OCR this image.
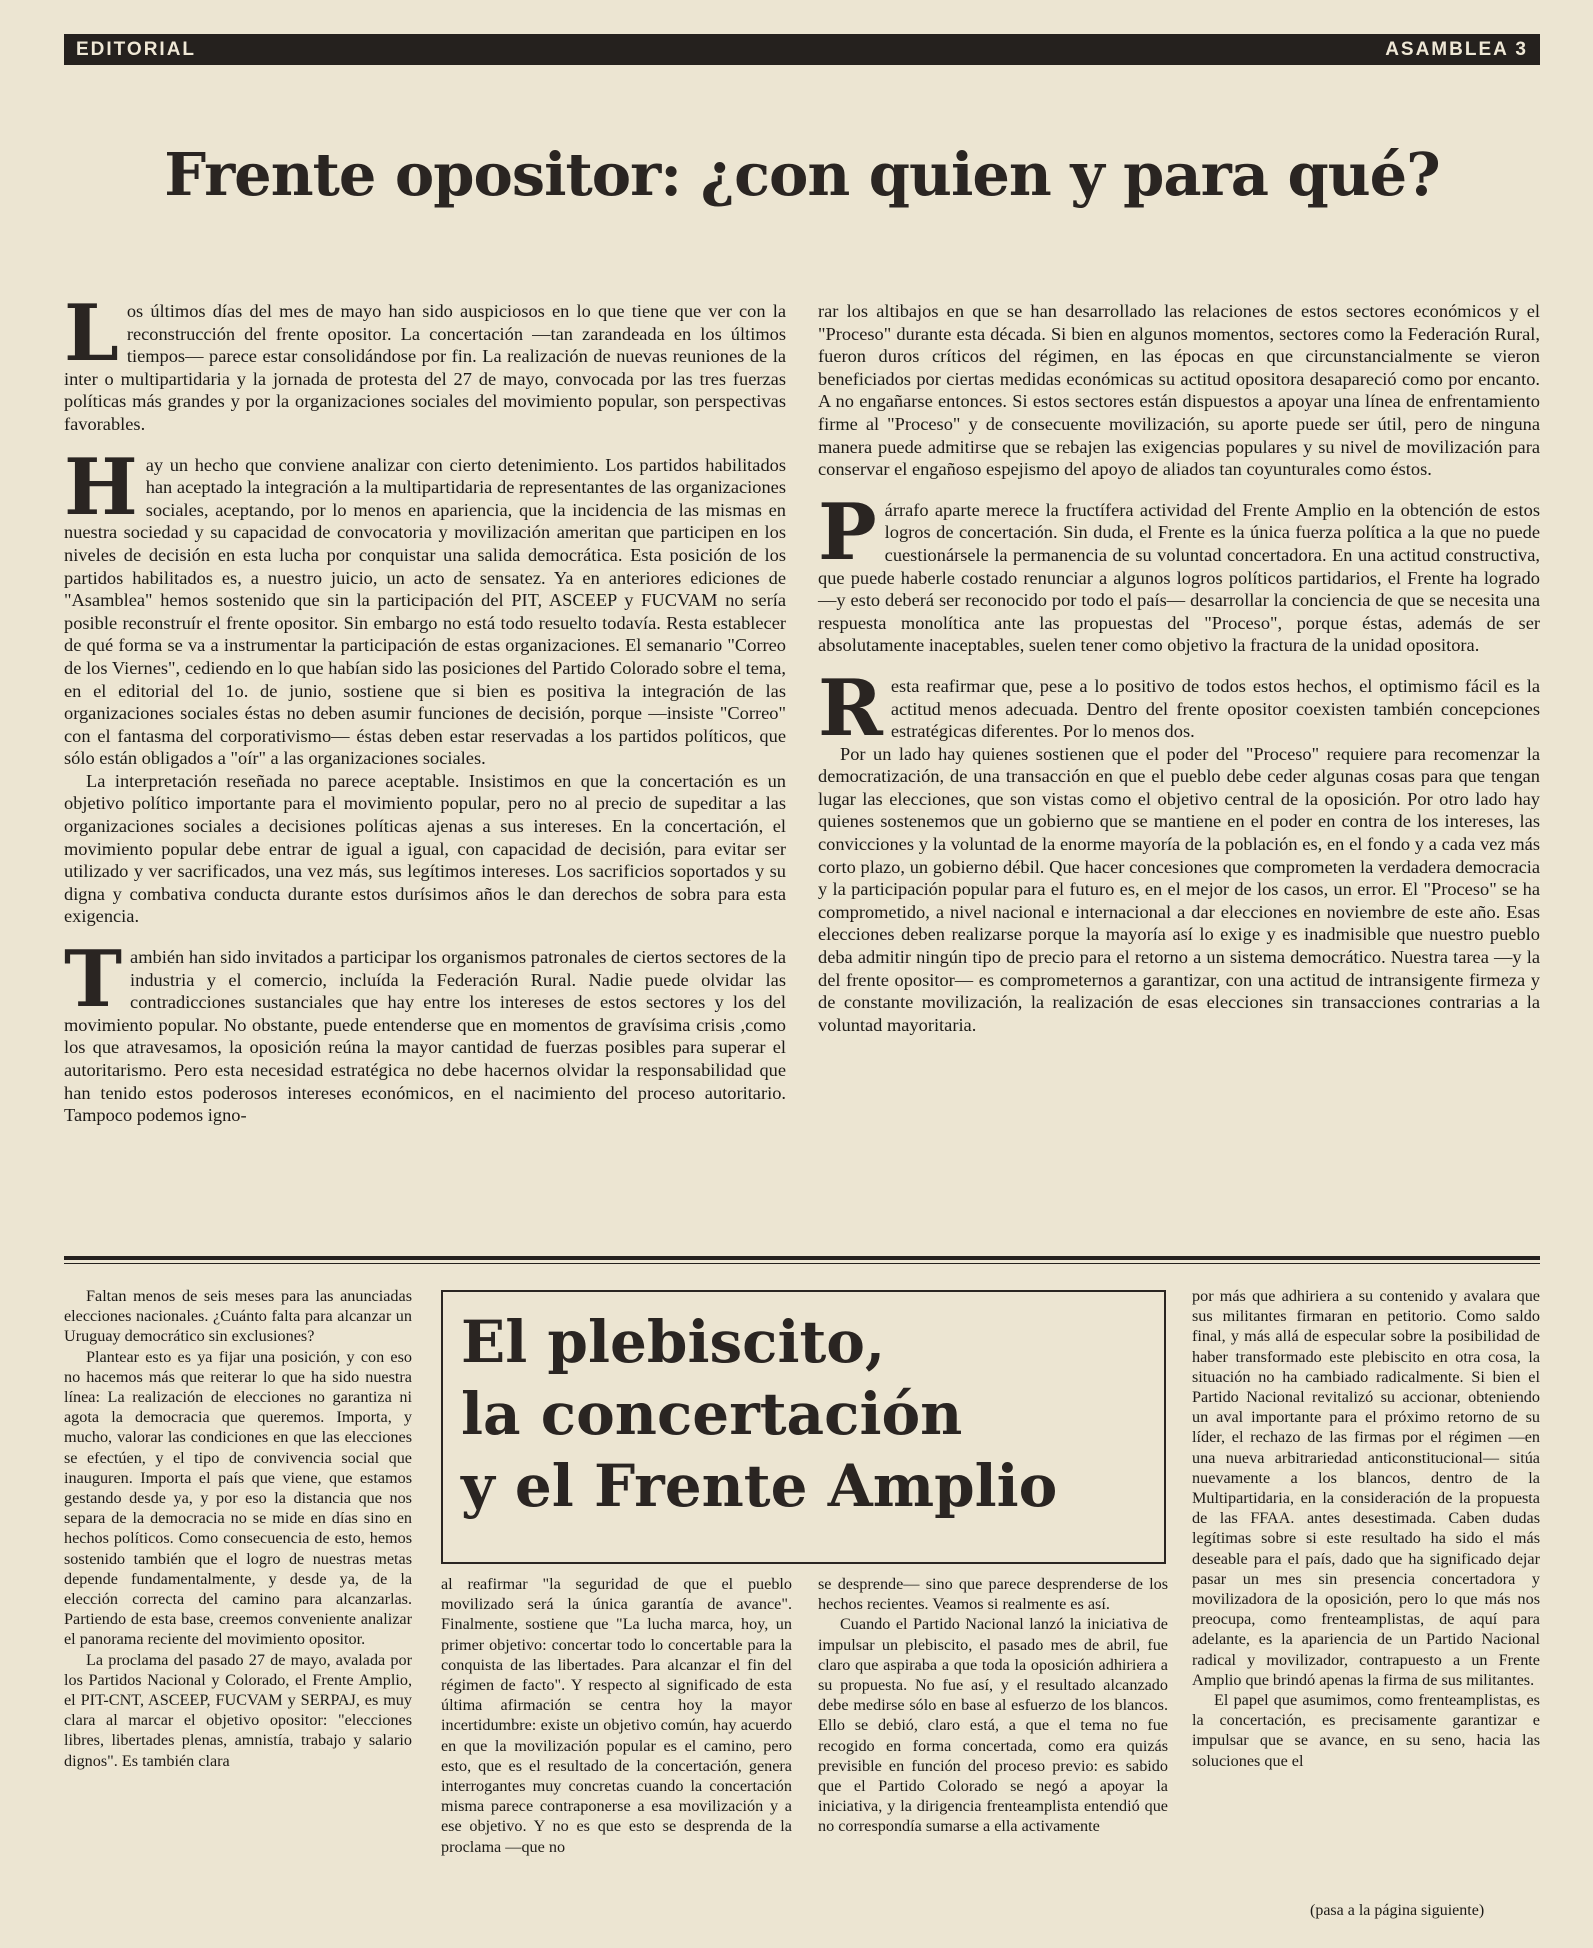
EDITORIAL	ASAMBLEA 3
Frente opositor: ¿con quien y para qué?

Los últimos días del mes de mayo han sido auspiciosos en lo que tiene que ver con la reconstrucción del frente opositor. La concertación —tan zarandeada en los últimos tiempos— parece estar consolidándose por fin. La realización de nuevas reuniones de la inter o multipartidaria y la jornada de protesta del 27 de mayo, convocada por las tres fuerzas políticas más grandes y por la organizaciones sociales del movimiento popular, son perspectivas favorables.

Hay un hecho que conviene analizar con cierto detenimiento. Los partidos habilitados han aceptado la integración a la multipartidaria de representantes de las organizaciones sociales, aceptando, por lo menos en apariencia, que la incidencia de las mismas en nuestra sociedad y su capacidad de convocatoria y movilización ameritan que participen en los niveles de decisión en esta lucha por conquistar una salida democrática. Esta posición de los partidos habilitados es, a nuestro juicio, un acto de sensatez. Ya en anteriores ediciones de "Asamblea" hemos sostenido que sin la participación del PIT, ASCEEP y FUCVAM no sería posible reconstruír el frente opositor. Sin embargo no está todo resuelto todavía. Resta establecer de qué forma se va a instrumentar la participación de estas organizaciones. El semanario "Correo de los Viernes", cediendo en lo que habían sido las posiciones del Partido Colorado sobre el tema, en el editorial del 1o. de junio, sostiene que si bien es positiva la integración de las organizaciones sociales éstas no deben asumir funciones de decisión, porque —insiste "Correo" con el fantasma del corporativismo— éstas deben estar reservadas a los partidos políticos, que sólo están obligados a "oír" a las organizaciones sociales.

La interpretación reseñada no parece aceptable. Insistimos en que la concertación es un objetivo político importante para el movimiento popular, pero no al precio de supeditar a las organizaciones sociales a decisiones políticas ajenas a sus intereses. En la concertación, el movimiento popular debe entrar de igual a igual, con capacidad de decisión, para evitar ser utilizado y ver sacrificados, una vez más, sus legítimos intereses. Los sacrificios soportados y su digna y combativa conducta durante estos durísimos años le dan derechos de sobra para esta exigencia.

También han sido invitados a participar los organismos patronales de ciertos sectores de la industria y el comercio, incluída la Federación Rural. Nadie puede olvidar las contradicciones sustanciales que hay entre los intereses de estos sectores y los del movimiento popular. No obstante, puede entenderse que en momentos de gravísima crisis ,como los que atravesamos, la oposición reúna la mayor cantidad de fuerzas posibles para superar el autoritarismo. Pero esta necesidad estratégica no debe hacernos olvidar la responsabilidad que han tenido estos poderosos intereses económicos, en el nacimiento del proceso autoritario. Tampoco podemos igno-

rar los altibajos en que se han desarrollado las relaciones de estos sectores económicos y el "Proceso" durante esta década. Si bien en algunos momentos, sectores como la Federación Rural, fueron duros críticos del régimen, en las épocas en que circunstancialmente se vieron beneficiados por ciertas medidas económicas su actitud opositora desapareció como por encanto. A no engañarse entonces. Si estos sectores están dispuestos a apoyar una línea de enfrentamiento firme al "Proceso" y de consecuente movilización, su aporte puede ser útil, pero de ninguna manera puede admitirse que se rebajen las exigencias populares y su nivel de movilización para conservar el engañoso espejismo del apoyo de aliados tan coyunturales como éstos.

Párrafo aparte merece la fructífera actividad del Frente Amplio en la obtención de estos logros de concertación. Sin duda, el Frente es la única fuerza política a la que no puede cuestionársele la permanencia de su voluntad concertadora. En una actitud constructiva, que puede haberle costado renunciar a algunos logros políticos partidarios, el Frente ha logrado —y esto deberá ser reconocido por todo el país— desarrollar la conciencia de que se necesita una respuesta monolítica ante las propuestas del "Proceso", porque éstas, además de ser absolutamente inaceptables, suelen tener como objetivo la fractura de la unidad opositora.

Resta reafirmar que, pese a lo positivo de todos estos hechos, el optimismo fácil es la actitud menos adecuada. Dentro del frente opositor coexisten también concepciones estratégicas diferentes. Por lo menos dos.

Por un lado hay quienes sostienen que el poder del "Proceso" requiere para recomenzar la democratización, de una transacción en que el pueblo debe ceder algunas cosas para que tengan lugar las elecciones, que son vistas como el objetivo central de la oposición. Por otro lado hay quienes sostenemos que un gobierno que se mantiene en el poder en contra de los intereses, las convicciones y la voluntad de la enorme mayoría de la población es, en el fondo y a cada vez más corto plazo, un gobierno débil. Que hacer concesiones que comprometen la verdadera democracia y la participación popular para el futuro es, en el mejor de los casos, un error. El "Proceso" se ha comprometido, a nivel nacional e internacional a dar elecciones en noviembre de este año. Esas elecciones deben realizarse porque la mayoría así lo exige y es inadmisible que nuestro pueblo deba admitir ningún tipo de precio para el retorno a un sistema democrático. Nuestra tarea —y la del frente opositor— es comprometernos a garantizar, con una actitud de intransigente firmeza y de constante movilización, la realización de esas elecciones sin transacciones contrarias a la voluntad mayoritaria.

Faltan menos de seis meses para las anunciadas elecciones nacionales. ¿Cuánto falta para alcanzar un Uruguay democrático sin exclusiones?

Plantear esto es ya fijar una posición, y con eso no hacemos más que reiterar lo que ha sido nuestra línea: La realización de elecciones no garantiza ni agota la democracia que queremos. Importa, y mucho, valorar las condiciones en que las elecciones se efectúen, y el tipo de convivencia social que inauguren. Importa el país que viene, que estamos gestando desde ya, y por eso la distancia que nos separa de la democracia no se mide en días sino en hechos políticos. Como consecuencia de esto, hemos sostenido también que el logro de nuestras metas depende fundamentalmente, y desde ya, de la elección correcta del camino para alcanzarlas. Partiendo de esta base, creemos conveniente analizar el panorama reciente del movimiento opositor.

La proclama del pasado 27 de mayo, avalada por los Partidos Nacional y Colorado, el Frente Amplio, el PIT-CNT, ASCEEP, FUCVAM y SERPAJ, es muy clara al marcar el objetivo opositor: "elecciones libres, libertades plenas, amnistía, trabajo y salario dignos". Es también clara

El plebiscito,
la concertación
y el Frente Amplio

al reafirmar "la seguridad de que el pueblo movilizado será la única garantía de avance". Finalmente, sostiene que "La lucha marca, hoy, un primer objetivo: concertar todo lo concertable para la conquista de las libertades. Para alcanzar el fin del régimen de facto". Y respecto al significado de esta última afirmación se centra hoy la mayor incertidumbre: existe un objetivo común, hay acuerdo en que la movilización popular es el camino, pero esto, que es el resultado de la concertación, genera interrogantes muy concretas cuando la concertación misma parece contraponerse a esa movilización y a ese objetivo. Y no es que esto se desprenda de la proclama —que no

se desprende— sino que parece desprenderse de los hechos recientes. Veamos si realmente es así.

Cuando el Partido Nacional lanzó la iniciativa de impulsar un plebiscito, el pasado mes de abril, fue claro que aspiraba a que toda la oposición adhiriera a su propuesta. No fue así, y el resultado alcanzado debe medirse sólo en base al esfuerzo de los blancos. Ello se debió, claro está, a que el tema no fue recogido en forma concertada, como era quizás previsible en función del proceso previo: es sabido que el Partido Colorado se negó a apoyar la iniciativa, y la dirigencia frenteamplista entendió que no correspondía sumarse a ella activamente

por más que adhiriera a su contenido y avalara que sus militantes firmaran en petitorio. Como saldo final, y más allá de especular sobre la posibilidad de haber transformado este plebiscito en otra cosa, la situación no ha cambiado radicalmente. Si bien el Partido Nacional revitalizó su accionar, obteniendo un aval importante para el próximo retorno de su líder, el rechazo de las firmas por el régimen —en una nueva arbitrariedad anticonstitucional— sitúa nuevamente a los blancos, dentro de la Multipartidaria, en la consideración de la propuesta de las FFAA. antes desestimada. Caben dudas legítimas sobre si este resultado ha sido el más deseable para el país, dado que ha significado dejar pasar un mes sin presencia concertadora y movilizadora de la oposición, pero lo que más nos preocupa, como frenteamplistas, de aquí para adelante, es la apariencia de un Partido Nacional radical y movilizador, contrapuesto a un Frente Amplio que brindó apenas la firma de sus militantes.

El papel que asumimos, como frenteamplistas, es la concertación, es precisamente garantizar e impulsar que se avance, en su seno, hacia las soluciones que el

(pasa a la página siguiente)
